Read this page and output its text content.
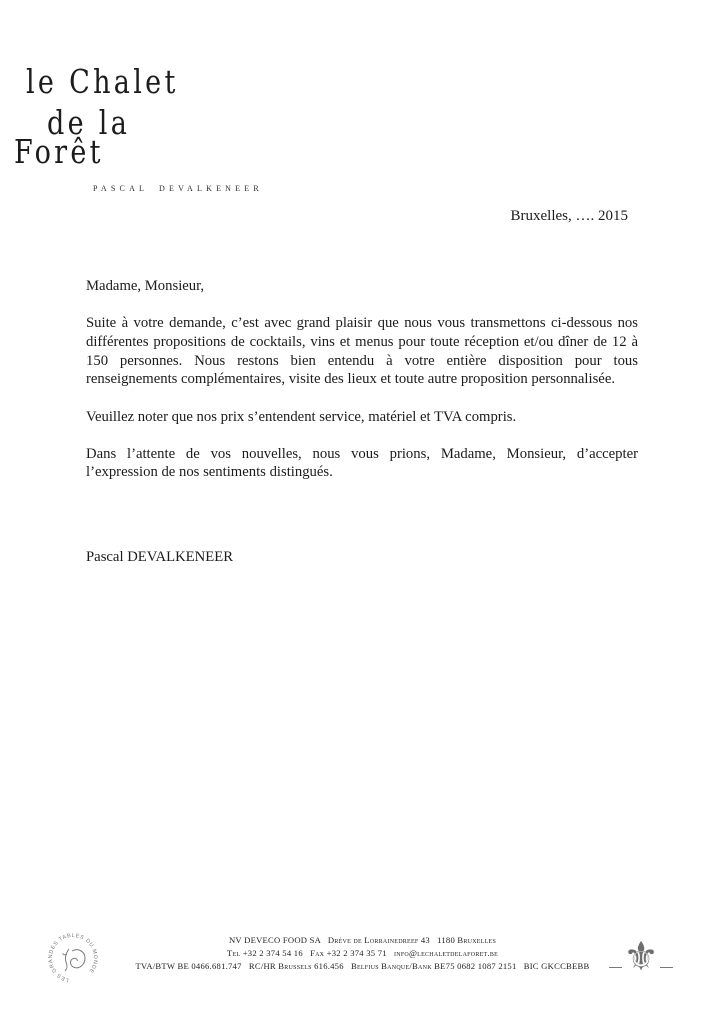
le Chalet
de la
Forêt
PASCAL DEVALKENEER
Bruxelles, …. 2015

Madame, Monsieur,

Suite à votre demande, c’est avec grand plaisir que nous vous transmettons ci-dessous nos différentes propositions de cocktails, vins et menus pour toute réception et/ou dîner de 12 à 150 personnes. Nous restons bien entendu à votre entière disposition pour tous renseignements complémentaires, visite des lieux et toute autre proposition personnalisée.

Veuillez noter que nos prix s’entendent service, matériel et TVA compris.

Dans l’attente de vos nouvelles, nous vous prions, Madame, Monsieur, d’accepter l’expression de nos sentiments distingués.

Pascal DEVALKENEER

LES GRANDES TABLES DU MONDE
NV DEVECO FOOD SA   Drève de Lorrainedreef 43   1180 Bruxelles
Tel +32 2 374 54 16   Fax +32 2 374 35 71   info@lechaletdelaforet.be
TVA/BTW BE 0466.681.747   RC/HR Brussels 616.456   Belfius Banque/Bank BE75 0682 1087 2151   BIC GKCCBEBB ⚜
